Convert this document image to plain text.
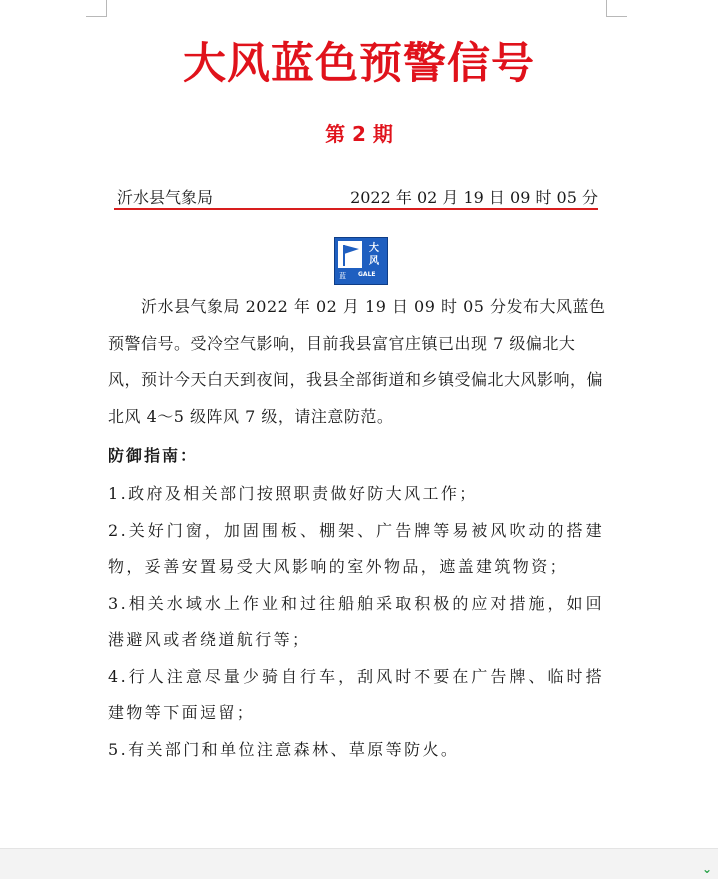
大风蓝色预警信号
第 2 期
沂水县气象局	2022 年 02 月 19 日 09 时 05 分
大
风
蓝 GALE
沂水县气象局 2022 年 02 月 19 日 09 时 05 分发布大风蓝色预警信号。受冷空气影响，目前我县富官庄镇已出现 7 级偏北大风，预计今天白天到夜间，我县全部街道和乡镇受偏北大风影响，偏北风 4～5 级阵风 7 级，请注意防范。
防御指南：

1.政府及相关部门按照职责做好防大风工作；

2.关好门窗，加固围板、棚架、广告牌等易被风吹动的搭建物，妥善安置易受大风影响的室外物品，遮盖建筑物资；

3.相关水域水上作业和过往船舶采取积极的应对措施，如回港避风或者绕道航行等；

4.行人注意尽量少骑自行车，刮风时不要在广告牌、临时搭建物等下面逗留；

5.有关部门和单位注意森林、草原等防火。

⌄
